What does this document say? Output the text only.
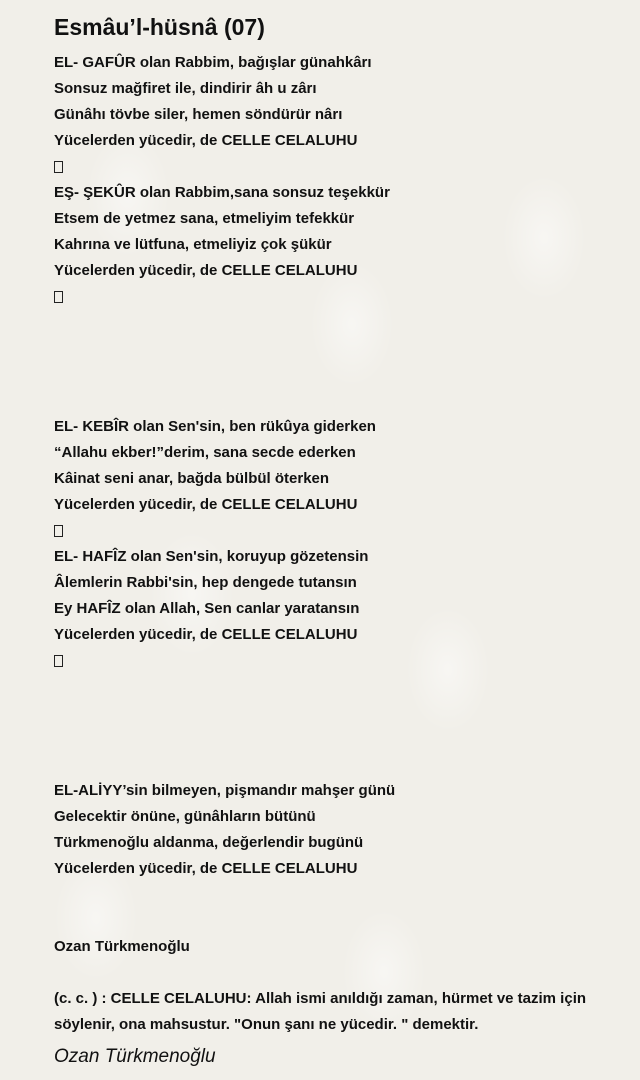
Esmâu’l-hüsnâ (07)
EL- GAFÛR olan Rabbim, bağışlar günahkârı
Sonsuz mağfiret ile, dindirir âh u zârı
Günâhı tövbe siler, hemen söndürür nârı
Yücelerden yücedir, de CELLE CELALUHU
EŞ- ŞEKÛR olan Rabbim,sana sonsuz teşekkür
Etsem de yetmez sana, etmeliyim tefekkür
Kahrına ve lütfuna, etmeliyiz çok şükür
Yücelerden yücedir, de CELLE CELALUHU
EL- KEBÎR olan Sen'sin, ben rükûya giderken
“Allahu ekber!”derim, sana secde ederken
Kâinat seni anar, bağda bülbül öterken
Yücelerden yücedir, de CELLE CELALUHU
EL- HAFÎZ olan Sen'sin, koruyup gözetensin
Âlemlerin Rabbi'sin, hep dengede tutansın
Ey HAFÎZ olan Allah, Sen canlar yaratansın
Yücelerden yücedir, de CELLE CELALUHU
EL-ALİYY’sin bilmeyen, pişmandır mahşer günü
Gelecektir önüne, günâhların bütünü
Türkmenoğlu aldanma, değerlendir bugünü
Yücelerden yücedir, de CELLE CELALUHU
Ozan Türkmenoğlu
(c. c. ) : CELLE CELALUHU: Allah ismi anıldığı zaman, hürmet ve tazim için söylenir, ona mahsustur. "Onun şanı ne yücedir. " demektir.
Ozan Türkmenoğlu
